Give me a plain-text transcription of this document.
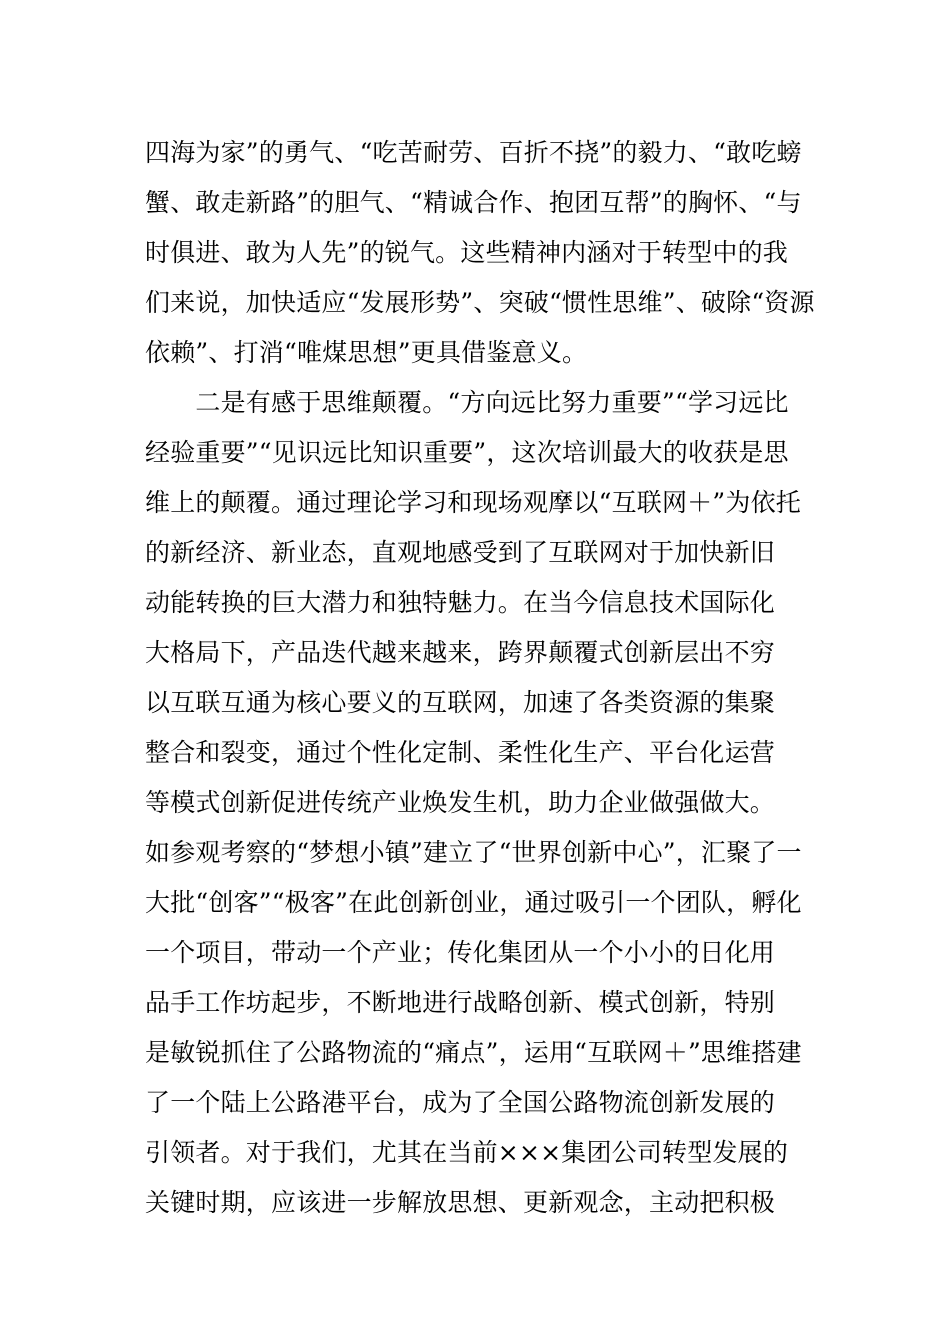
四海为家”的勇气、“吃苦耐劳、百折不挠”的毅力、“敢吃螃
蟹、敢走新路”的胆气、“精诚合作、抱团互帮”的胸怀、“与
时俱进、敢为人先”的锐气。这些精神内涵对于转型中的我
们来说，加快适应“发展形势”、突破“惯性思维”、破除“资源
依赖”、打消“唯煤思想”更具借鉴意义。
　　二是有感于思维颠覆。“方向远比努力重要”“学习远比
经验重要”“见识远比知识重要”，这次培训最大的收获是思
维上的颠覆。通过理论学习和现场观摩以“互联网＋”为依托
的新经济、新业态，直观地感受到了互联网对于加快新旧
动能转换的巨大潜力和独特魅力。在当今信息技术国际化
大格局下，产品迭代越来越来，跨界颠覆式创新层出不穷
以互联互通为核心要义的互联网，加速了各类资源的集聚
整合和裂变，通过个性化定制、柔性化生产、平台化运营
等模式创新促进传统产业焕发生机，助力企业做强做大。
如参观考察的“梦想小镇”建立了“世界创新中心”，汇聚了一
大批“创客”“极客”在此创新创业，通过吸引一个团队，孵化
一个项目，带动一个产业；传化集团从一个小小的日化用
品手工作坊起步，不断地进行战略创新、模式创新，特别
是敏锐抓住了公路物流的“痛点”，运用“互联网＋”思维搭建
了一个陆上公路港平台，成为了全国公路物流创新发展的
引领者。对于我们，尤其在当前×××集团公司转型发展的
关键时期，应该进一步解放思想、更新观念，主动把积极
